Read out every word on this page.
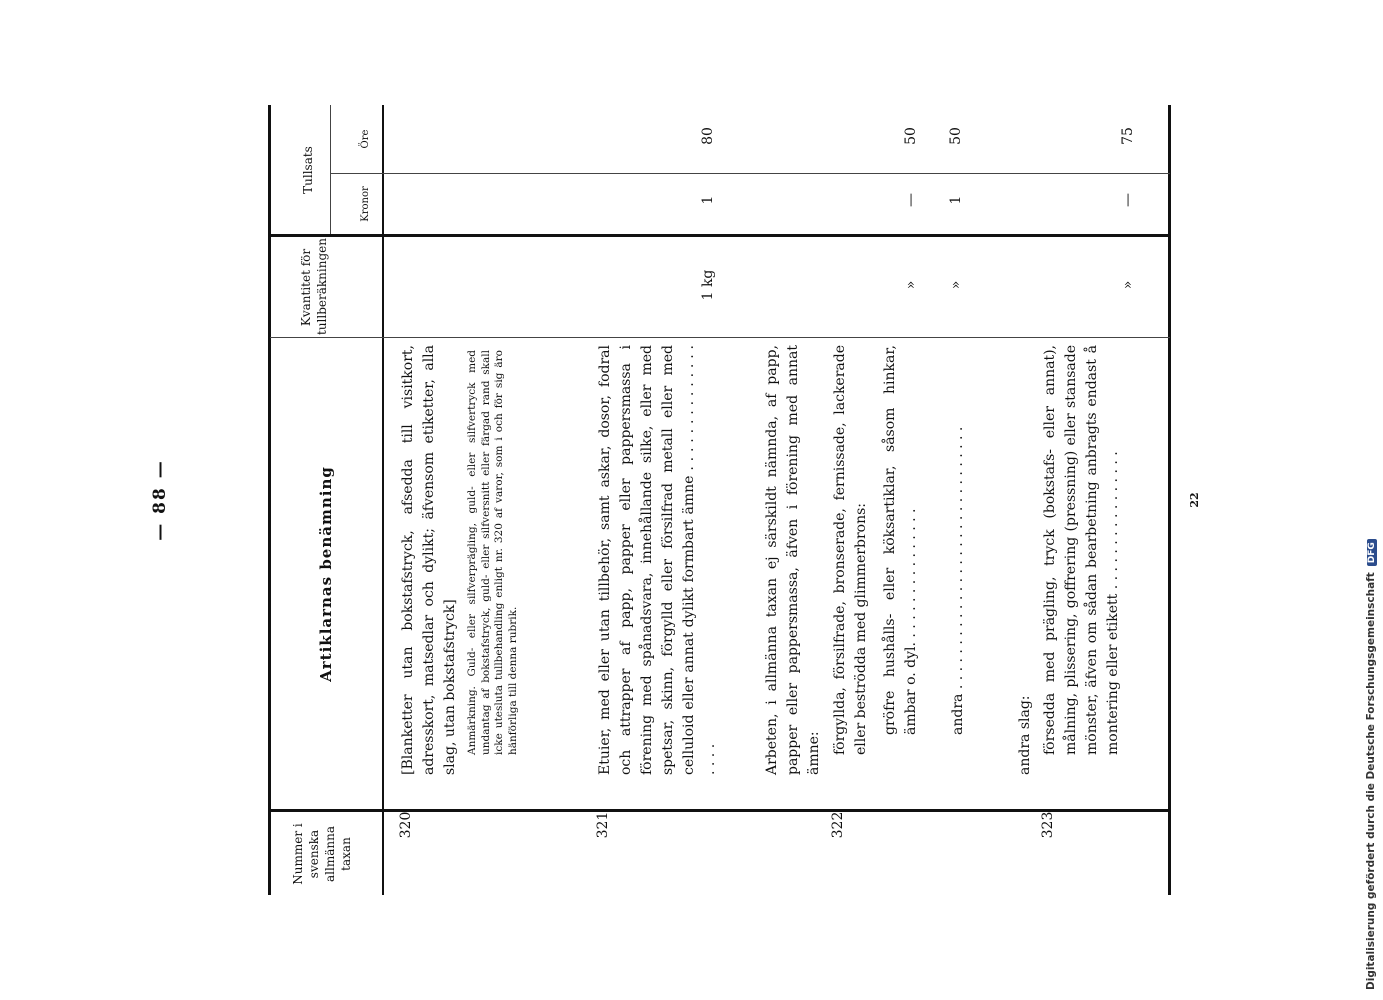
— 88 —
Nummer i svenska allmänna taxan
Artiklarnas benämning
Kvantitet för tullberäkningen
Tullsats
Kronor
Öre
320
[Blanketter utan bokstafstryck, afsedda till visitkort, adresskort, matsedlar och dylikt; äfvensom etiketter, alla slag, utan bokstafstryck] Anmärkning. Guld- eller silfverprägling, guld- eller silfvertryck med undantag af bokstafstryck, guld- eller silfversnitt eller färgad rand skall icke utesluta tullbehandling enligt nr. 320 af varor, som i och för sig äro hänförliga till denna rubrik.
321
Etuier, med eller utan tillbehör, samt askar, dosor, fodral och attrapper af papp, papper eller pappersmassa i förening med spånadsvara, innehållande silke, eller med spetsar, skinn, förgylld eller försilfrad metall eller med celluloid eller annat dylikt formbart ämne . . . . . . . . . . . . . . . . . .
1 kg
1
80
322
Arbeten, i allmänna taxan ej särskildt nämnda, af papp, papper eller pappersmassa, äfven i förening med annat ämne: förgyllda, försilfrade, bronserade, fernissade, lackerade eller beströdda med glimmerbrons: gröfre hushålls- eller köksartiklar, såsom hinkar, ämbar o. dyl. . . . . . . . . . . . . . . .
»
—
50
andra . . . . . . . . . . . . . . . . . . . . . . . . . . . . . .
»
1
50
andra slag:
323
försedda med prägling, tryck (bokstafs- eller annat), målning, plissering, goffrering (pressning) eller stansade mönster, äfven om sådan bearbetning anbragts endast å montering eller etikett . . . . . . . . . . . . . . . .
»
—
75
22
Digitalisierung gefördert durch die Deutsche ForschungsgemeinschaftDFG
